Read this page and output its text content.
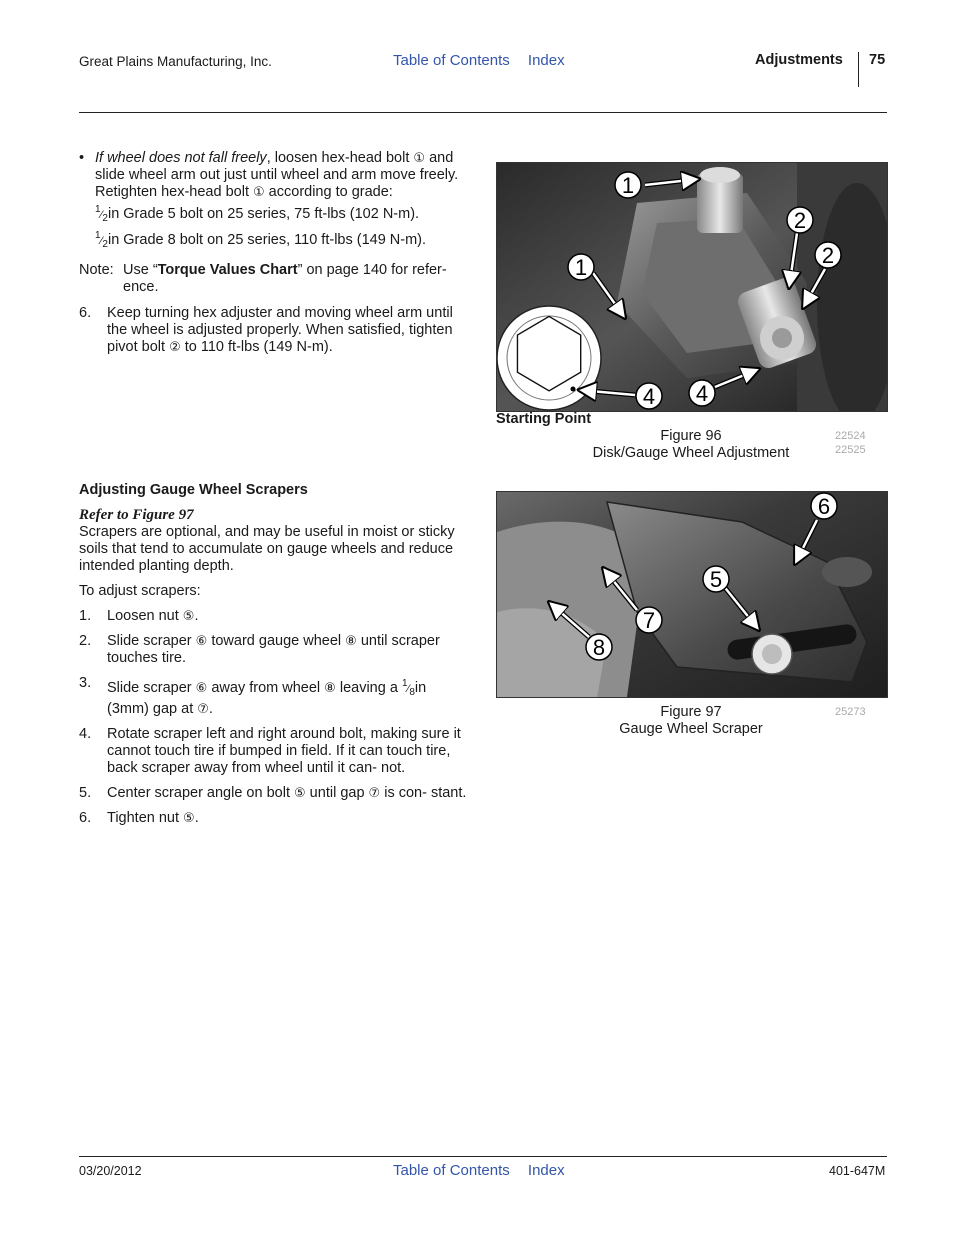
Great Plains Manufacturing, Inc.	Table of Contents Index	Adjustments 75

• If wheel does not fall freely, loosen hex-head bolt ① and slide wheel arm out just until wheel and arm move freely. Retighten hex-head bolt ① according to grade:
$^1⁄_2in$ Grade 5 bolt on 25 series, 75 ft-lbs (102 N-m).
$^1⁄_2in$ Grade 8 bolt on 25 series, 110 ft-lbs (149 N-m).

Note: Use “Torque Values Chart” on page 140 for refer- ence.

6. Keep turning hex adjuster and moving wheel arm until the wheel is adjusted properly. When satisfied, tighten pivot bolt ② to 110 ft-lbs (149 N-m).

1
1
2
2
4 4
Starting Point
Figure 96
Disk/Gauge Wheel Adjustment
22524
22525

Adjusting Gauge Wheel Scrapers

Refer to Figure 97

Scrapers are optional, and may be useful in moist or sticky soils that tend to accumulate on gauge wheels and reduce intended planting depth.

To adjust scrapers:

1. Loosen nut ⑤.

2. Slide scraper ⑥ toward gauge wheel ⑧ until scraper touches tire.

3. Slide scraper ⑥ away from wheel ⑧ leaving a $^1⁄_8in$ (3mm) gap at ⑦.

4. Rotate scraper left and right around bolt, making sure it cannot touch tire if bumped in field. If it can touch tire, back scraper away from wheel until it can- not.

5. Center scraper angle on bolt ⑤ until gap ⑦ is con- stant.

6. Tighten nut ⑤.

6
5
7
8
Figure 97
Gauge Wheel Scraper
25273
03/20/2012	Table of Contents Index	401-647M
